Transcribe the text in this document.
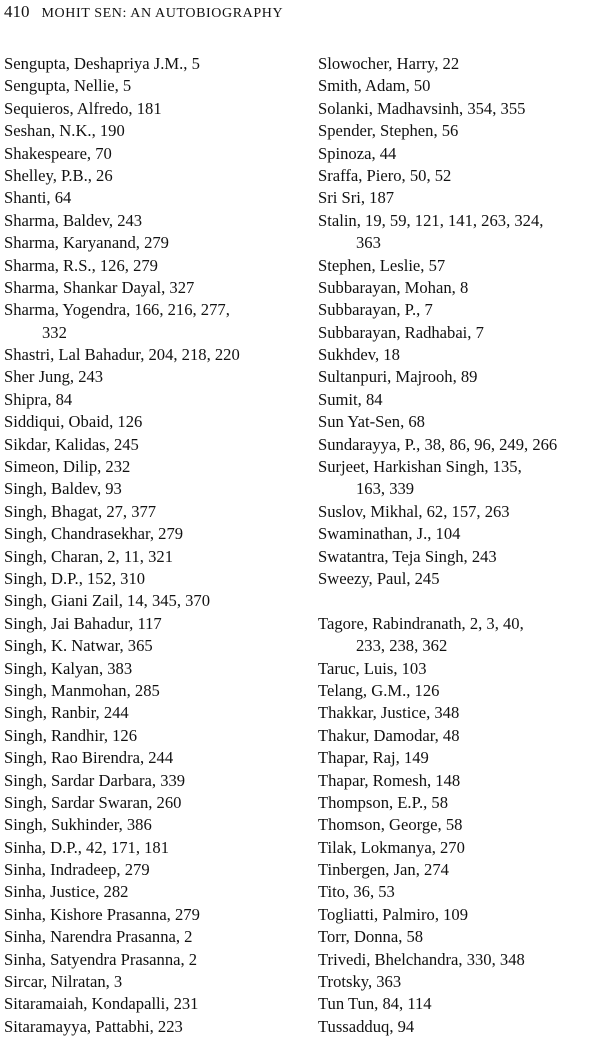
410 MOHIT SEN: AN AUTOBIOGRAPHY
Sengupta, Deshapriya J.M., 5
Sengupta, Nellie, 5
Sequieros, Alfredo, 181
Seshan, N.K., 190
Shakespeare, 70
Shelley, P.B., 26
Shanti, 64
Sharma, Baldev, 243
Sharma, Karyanand, 279
Sharma, R.S., 126, 279
Sharma, Shankar Dayal, 327
Sharma, Yogendra, 166, 216, 277,
332
Shastri, Lal Bahadur, 204, 218, 220
Sher Jung, 243
Shipra, 84
Siddiqui, Obaid, 126
Sikdar, Kalidas, 245
Simeon, Dilip, 232
Singh, Baldev, 93
Singh, Bhagat, 27, 377
Singh, Chandrasekhar, 279
Singh, Charan, 2, 11, 321
Singh, D.P., 152, 310
Singh, Giani Zail, 14, 345, 370
Singh, Jai Bahadur, 117
Singh, K. Natwar, 365
Singh, Kalyan, 383
Singh, Manmohan, 285
Singh, Ranbir, 244
Singh, Randhir, 126
Singh, Rao Birendra, 244
Singh, Sardar Darbara, 339
Singh, Sardar Swaran, 260
Singh, Sukhinder, 386
Sinha, D.P., 42, 171, 181
Sinha, Indradeep, 279
Sinha, Justice, 282
Sinha, Kishore Prasanna, 279
Sinha, Narendra Prasanna, 2
Sinha, Satyendra Prasanna, 2
Sircar, Nilratan, 3
Sitaramaiah, Kondapalli, 231
Sitaramayya, Pattabhi, 223
Slowocher, Harry, 22
Smith, Adam, 50
Solanki, Madhavsinh, 354, 355
Spender, Stephen, 56
Spinoza, 44
Sraffa, Piero, 50, 52
Sri Sri, 187
Stalin, 19, 59, 121, 141, 263, 324,
363
Stephen, Leslie, 57
Subbarayan, Mohan, 8
Subbarayan, P., 7
Subbarayan, Radhabai, 7
Sukhdev, 18
Sultanpuri, Majrooh, 89
Sumit, 84
Sun Yat-Sen, 68
Sundarayya, P., 38, 86, 96, 249, 266
Surjeet, Harkishan Singh, 135,
163, 339
Suslov, Mikhal, 62, 157, 263
Swaminathan, J., 104
Swatantra, Teja Singh, 243
Sweezy, Paul, 245
Tagore, Rabindranath, 2, 3, 40,
233, 238, 362
Taruc, Luis, 103
Telang, G.M., 126
Thakkar, Justice, 348
Thakur, Damodar, 48
Thapar, Raj, 149
Thapar, Romesh, 148
Thompson, E.P., 58
Thomson, George, 58
Tilak, Lokmanya, 270
Tinbergen, Jan, 274
Tito, 36, 53
Togliatti, Palmiro, 109
Torr, Donna, 58
Trivedi, Bhelchandra, 330, 348
Trotsky, 363
Tun Tun, 84, 114
Tussadduq, 94
